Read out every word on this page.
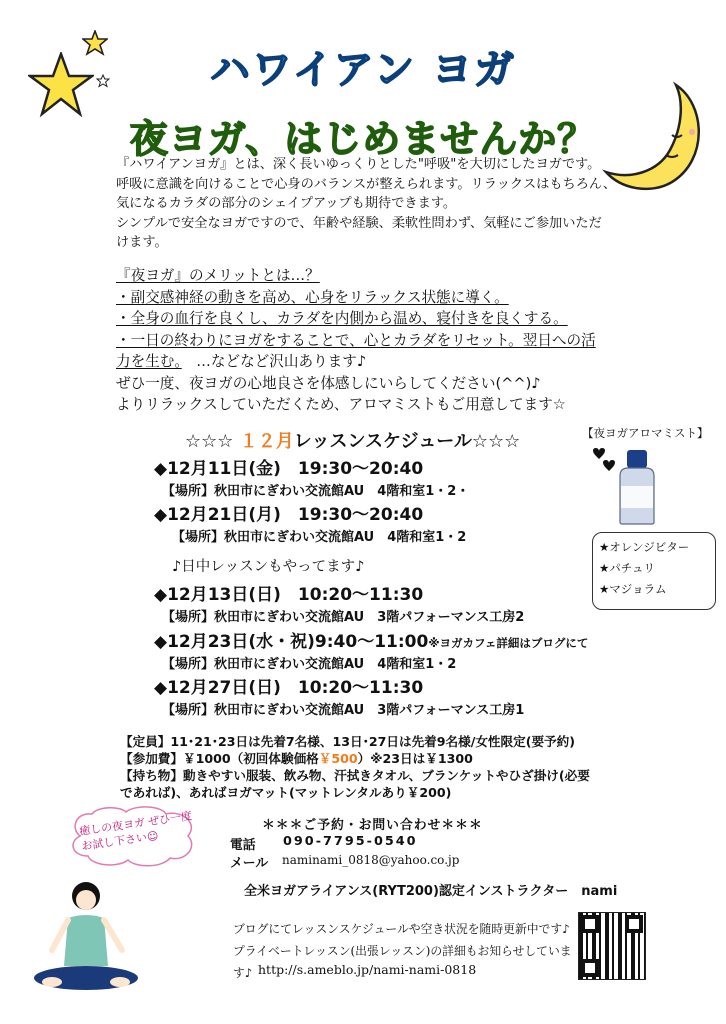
ハワイアン ヨガ
夜ヨガ、はじめませんか？
『ハワイアンヨガ』とは、深く長いゆっくりとした"呼吸"を大切にしたヨガです。
呼吸に意識を向けることで心身のバランスが整えられます。リラックスはもちろん、
気になるカラダの部分のシェイプアップも期待できます。
シンプルで安全なヨガですので、年齢や経験、柔軟性問わず、気軽にご参加いただ
けます。
『夜ヨガ』のメリットとは…？
・副交感神経の動きを高め、心身をリラックス状態に導く。
・全身の血行を良くし、カラダを内側から温め、寝付きを良くする。
・一日の終わりにヨガをすることで、心とカラダをリセット。翌日への活
力を生む。　 …などなど沢山あります♪
ぜひ一度、夜ヨガの心地良さを体感しにいらしてください(^^)♪
よりリラックスしていただくため、アロマミストもご用意してます☆
☆☆☆ １２月レッスンスケジュール☆☆☆	【夜ヨガアロマミスト】
★オレンジビター
★パチュリ
★マジョラム
◆12月11日(金)　19:30〜20:40
【場所】秋田市にぎわい交流館AU　4階和室1・2・
◆12月21日(月)　19:30〜20:40
【場所】秋田市にぎわい交流館AU　4階和室1・2
♪日中レッスンもやってます♪
◆12月13日(日)　10:20〜11:30
【場所】秋田市にぎわい交流館AU　3階パフォーマンス工房2
◆12月23日(水・祝)9:40〜11:00※ヨガカフェ詳細はブログにて
【場所】秋田市にぎわい交流館AU　4階和室1・2
◆12月27日(日)　10:20〜11:30
【場所】秋田市にぎわい交流館AU　3階パフォーマンス工房1
【定員】11･21･23日は先着7名様、13日･27日は先着9名様/女性限定(要予約)
【参加費】￥1000（初回体験価格￥500）※23日は￥1300
【持ち物】動きやすい服装、飲み物、汗拭きタオル、ブランケットやひざ掛け(必要
であれば)、あればヨガマット(マットレンタルあり￥200)
＊＊＊ご予約・お問い合わせ＊＊＊
電話 090-7795-0540
メール naminami_0818@yahoo.co.jp
全米ヨガアライアンス(RYT200)認定インストラクター　nami
癒しの夜ヨガ ぜひ一度お試し下さい☺
ブログにてレッスンスケジュールや空き状況を随時更新中です♪
プライベートレッスン(出張レッスン)の詳細もお知らせしています♪ http://s.ameblo.jp/nami-nami-0818
